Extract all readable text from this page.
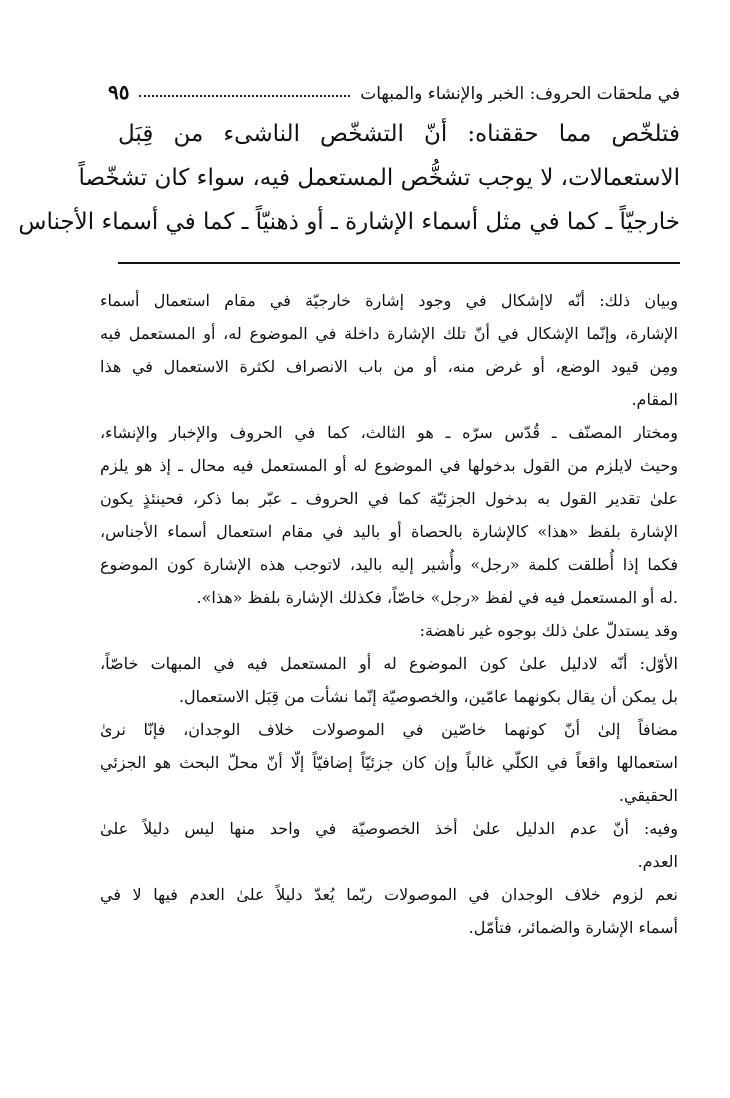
في ملحقات الحروف: الخبر والإنشاء والمبهات
٩٥
فتلخّص مما حققناه: أنّ التشخّص الناشىء من قِبَل
الاستعمالات، لا يوجب تشخُّص المستعمل فيه، سواء كان تشخّصاً
خارجيّاً ـ كما في مثل أسماء الإشارة ـ أو ذهنيّاً ـ كما في أسماء الأجناس
وبيان ذلك: أنّه لاإشكال في وجود إشارة خارجيّة في مقام استعمال أسماء
الإشارة، وإنّما الإشكال في أنّ تلك الإشارة داخلة في الموضوع له، أو المستعمل فيه
ومِن قيود الوضع، أو غرض منه، أو من باب الانصراف لكثرة الاستعمال في هذا
المقام.
ومختار المصنّف ـ قُدّس سرّه ـ هو الثالث، كما في الحروف والإخبار والإنشاء،
وحيث لايلزم من القول بدخولها في الموضوع له أو المستعمل فيه محال ـ إذ هو يلزم
علىٰ تقدير القول به بدخول الجزئيّة كما في الحروف ـ عبّر بما ذكر، فحينئذٍ يكون
الإشارة بلفظ «هذا» كالإشارة بالحصاة أو باليد في مقام استعمال أسماء الأجناس،
فكما إذا أُطلقت كلمة «رجل» وأُشير إليه باليد، لاتوجب هذه الإشارة كون الموضوع
.له أو المستعمل فيه في لفظ «رجل» خاصّاً، فكذلك الإشارة بلفظ «هذا».
وقد يستدلّ علىٰ ذلك بوجوه غير ناهضة:
الأوّل: أنّه لادليل علىٰ كون الموضوع له أو المستعمل فيه في المبهات خاصّاً،
بل يمكن أن يقال بكونهما عامّين، والخصوصيّة إنّما نشأت من قِبَل الاستعمال.
مضافاً إلىٰ أنّ كونهما خاصّين في الموصولات خلاف الوجدان، فإنّا نرىٰ
استعمالها واقعاً في الكلّي غالباً وإن كان جزئيّاً إضافيّاً إلّا أنّ محلّ البحث هو الجزئي
الحقيقي.
وفيه: أنّ عدم الدليل علىٰ أخذ الخصوصيّة في واحد منها ليس دليلاً علىٰ
العدم.
نعم لزوم خلاف الوجدان في الموصولات ربّما يُعدّ دليلاً علىٰ العدم فيها لا في
أسماء الإشارة والضمائر، فتأمّل.
